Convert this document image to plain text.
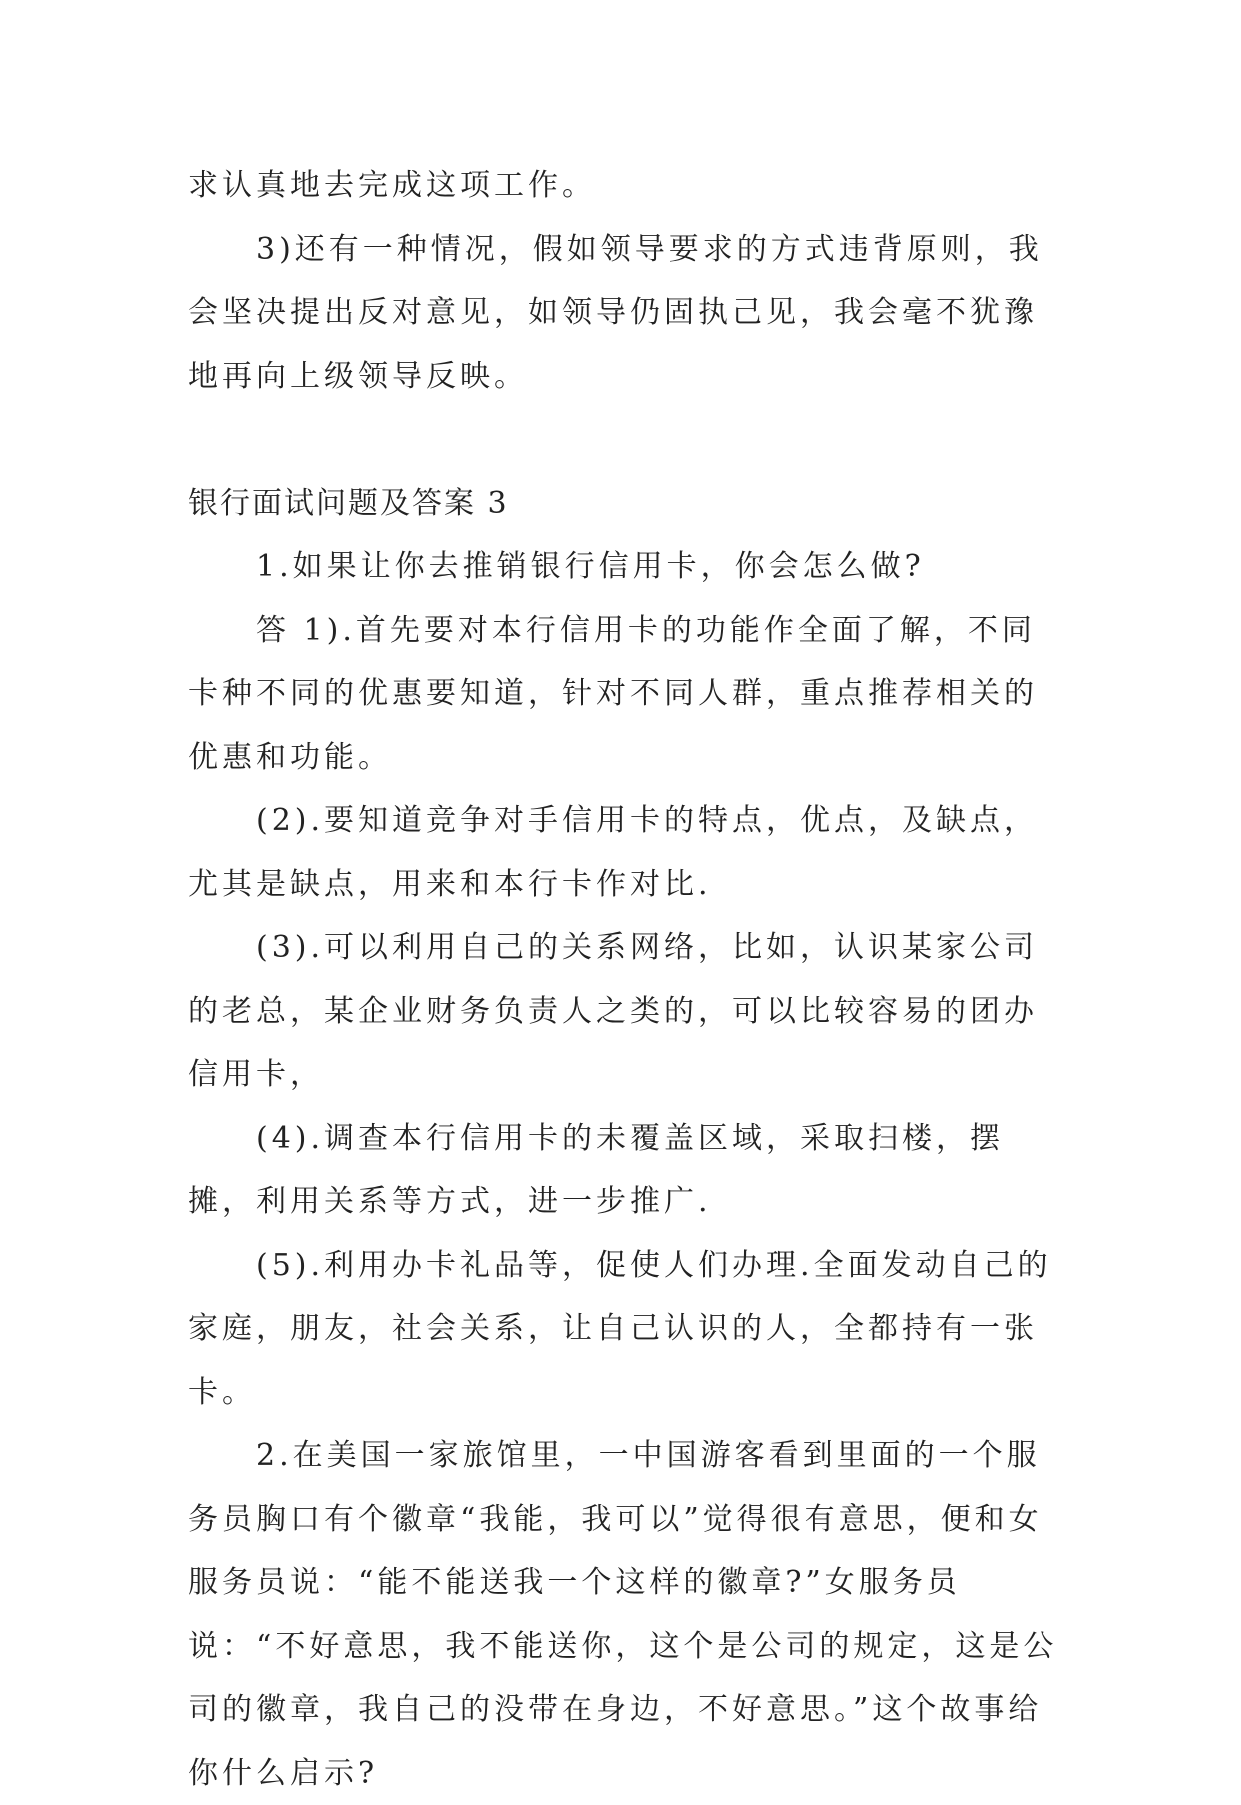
求认真地去完成这项工作。

3)还有一种情况，假如领导要求的方式违背原则，我会坚决提出反对意见，如领导仍固执己见，我会毫不犹豫地再向上级领导反映。

银行面试问题及答案 3

1.如果让你去推销银行信用卡，你会怎么做?

答 1).首先要对本行信用卡的功能作全面了解，不同卡种不同的优惠要知道，针对不同人群，重点推荐相关的优惠和功能。

(2).要知道竞争对手信用卡的特点，优点，及缺点，尤其是缺点，用来和本行卡作对比.

(3).可以利用自己的关系网络，比如，认识某家公司的老总，某企业财务负责人之类的，可以比较容易的团办信用卡，

(4).调查本行信用卡的未覆盖区域，采取扫楼，摆摊，利用关系等方式，进一步推广.

(5).利用办卡礼品等，促使人们办理.全面发动自己的家庭，朋友，社会关系，让自己认识的人，全都持有一张卡。

2.在美国一家旅馆里，一中国游客看到里面的一个服务员胸口有个徽章“我能，我可以”觉得很有意思，便和女服务员说：“能不能送我一个这样的徽章?”女服务员说：“不好意思，我不能送你，这个是公司的规定，这是公司的徽章，我自己的没带在身边，不好意思。”这个故事给你什么启示?
